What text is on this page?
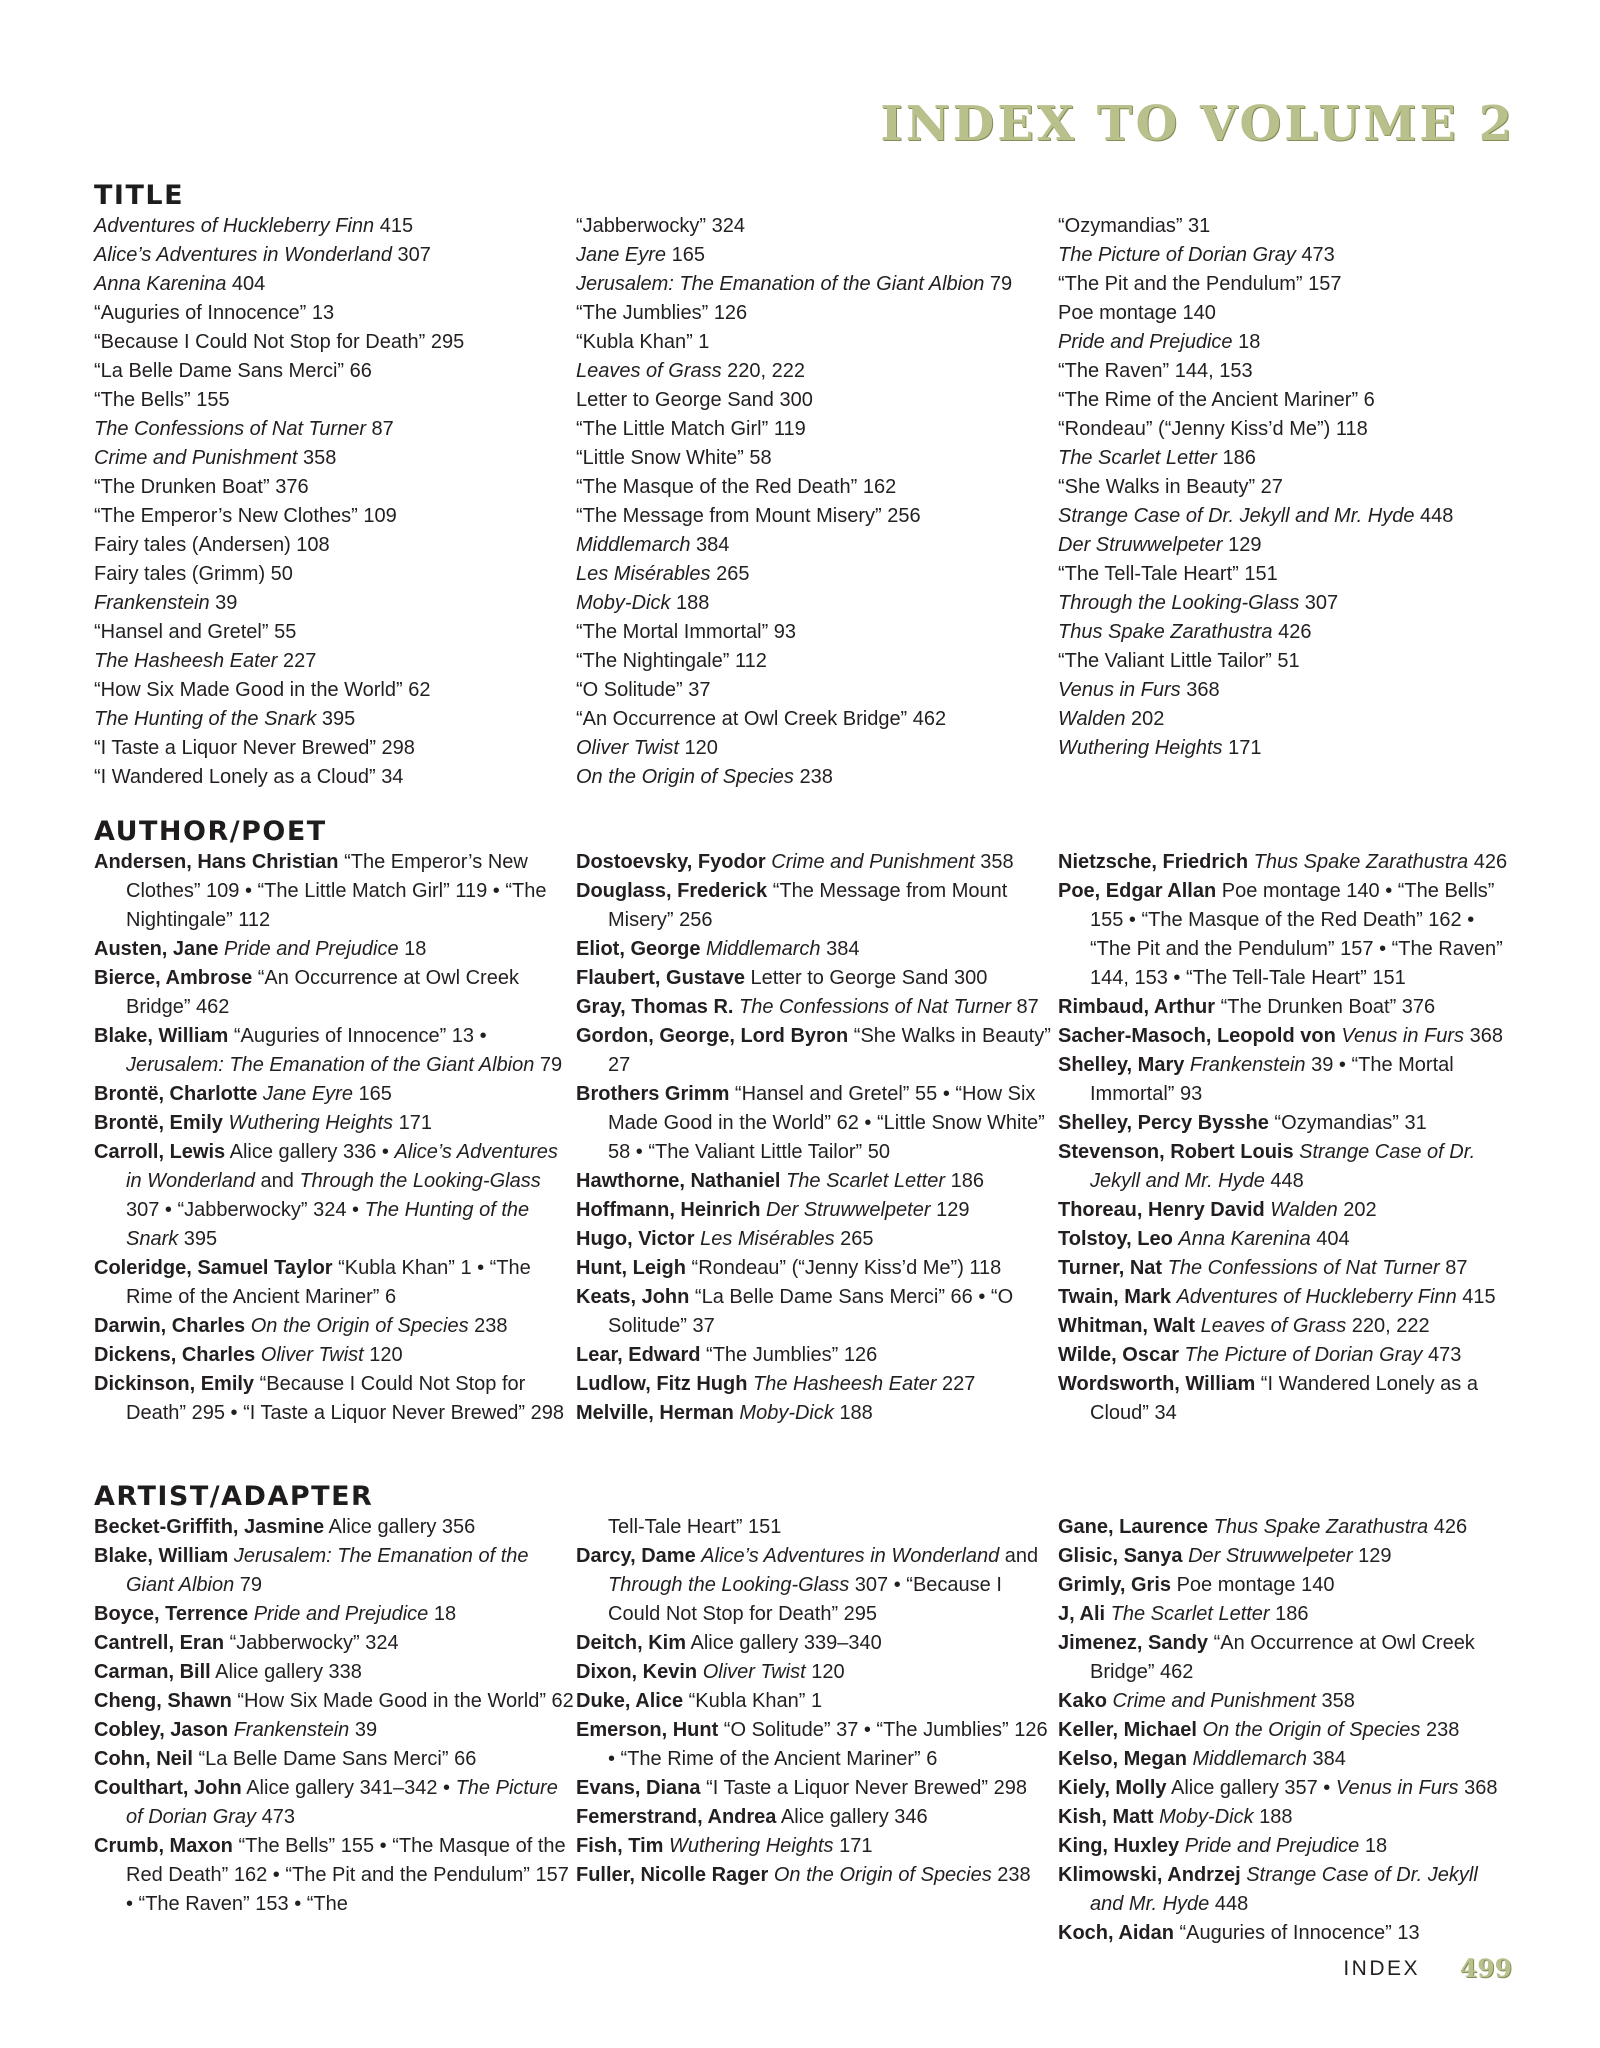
INDEX TO VOLUME 2
TITLE
Adventures of Huckleberry Finn 415
Alice’s Adventures in Wonderland 307
Anna Karenina 404
“Auguries of Innocence” 13
“Because I Could Not Stop for Death” 295
“La Belle Dame Sans Merci” 66
“The Bells” 155
The Confessions of Nat Turner 87
Crime and Punishment 358
“The Drunken Boat” 376
“The Emperor’s New Clothes” 109
Fairy tales (Andersen) 108
Fairy tales (Grimm) 50
Frankenstein 39
“Hansel and Gretel” 55
The Hasheesh Eater 227
“How Six Made Good in the World” 62
The Hunting of the Snark 395
“I Taste a Liquor Never Brewed” 298
“I Wandered Lonely as a Cloud” 34
“Jabberwocky” 324
Jane Eyre 165
Jerusalem: The Emanation of the Giant Albion 79
“The Jumblies” 126
“Kubla Khan” 1
Leaves of Grass 220, 222
Letter to George Sand 300
“The Little Match Girl” 119
“Little Snow White” 58
“The Masque of the Red Death” 162
“The Message from Mount Misery” 256
Middlemarch 384
Les Misérables 265
Moby-Dick 188
“The Mortal Immortal” 93
“The Nightingale” 112
“O Solitude” 37
“An Occurrence at Owl Creek Bridge” 462
Oliver Twist 120
On the Origin of Species 238
“Ozymandias” 31
The Picture of Dorian Gray 473
“The Pit and the Pendulum” 157
Poe montage 140
Pride and Prejudice 18
“The Raven” 144, 153
“The Rime of the Ancient Mariner” 6
“Rondeau” (“Jenny Kiss’d Me”) 118
The Scarlet Letter 186
“She Walks in Beauty” 27
Strange Case of Dr. Jekyll and Mr. Hyde 448
Der Struwwelpeter 129
“The Tell-Tale Heart” 151
Through the Looking-Glass 307
Thus Spake Zarathustra 426
“The Valiant Little Tailor” 51
Venus in Furs 368
Walden 202
Wuthering Heights 171
AUTHOR/POET
Andersen, Hans Christian “The Emperor’s New Clothes” 109 • “The Little Match Girl” 119 • “The Nightingale” 112
Austen, Jane Pride and Prejudice 18
Bierce, Ambrose “An Occurrence at Owl Creek Bridge” 462
Blake, William “Auguries of Innocence” 13 • Jerusalem: The Emanation of the Giant Albion 79
Brontë, Charlotte Jane Eyre 165
Brontë, Emily Wuthering Heights 171
Carroll, Lewis Alice gallery 336 • Alice’s Adventures in Wonderland and Through the Looking-Glass 307 • “Jabberwocky” 324 • The Hunting of the Snark 395
Coleridge, Samuel Taylor “Kubla Khan” 1 • “The Rime of the Ancient Mariner” 6
Darwin, Charles On the Origin of Species 238
Dickens, Charles Oliver Twist 120
Dickinson, Emily “Because I Could Not Stop for Death” 295 • “I Taste a Liquor Never Brewed” 298
Dostoevsky, Fyodor Crime and Punishment 358
Douglass, Frederick “The Message from Mount Misery” 256
Eliot, George Middlemarch 384
Flaubert, Gustave Letter to George Sand 300
Gray, Thomas R. The Confessions of Nat Turner 87
Gordon, George, Lord Byron “She Walks in Beauty” 27
Brothers Grimm “Hansel and Gretel” 55 • “How Six Made Good in the World” 62 • “Little Snow White” 58 • “The Valiant Little Tailor” 50
Hawthorne, Nathaniel The Scarlet Letter 186
Hoffmann, Heinrich Der Struwwelpeter 129
Hugo, Victor Les Misérables 265
Hunt, Leigh “Rondeau” (“Jenny Kiss’d Me”) 118
Keats, John “La Belle Dame Sans Merci” 66 • “O Solitude” 37
Lear, Edward “The Jumblies” 126
Ludlow, Fitz Hugh The Hasheesh Eater 227
Melville, Herman Moby-Dick 188
Nietzsche, Friedrich Thus Spake Zarathustra 426
Poe, Edgar Allan Poe montage 140 • “The Bells” 155 • “The Masque of the Red Death” 162 • “The Pit and the Pendulum” 157 • “The Raven” 144, 153 • “The Tell-Tale Heart” 151
Rimbaud, Arthur “The Drunken Boat” 376
Sacher-Masoch, Leopold von Venus in Furs 368
Shelley, Mary Frankenstein 39 • “The Mortal Immortal” 93
Shelley, Percy Bysshe “Ozymandias” 31
Stevenson, Robert Louis Strange Case of Dr. Jekyll and Mr. Hyde 448
Thoreau, Henry David Walden 202
Tolstoy, Leo Anna Karenina 404
Turner, Nat The Confessions of Nat Turner 87
Twain, Mark Adventures of Huckleberry Finn 415
Whitman, Walt Leaves of Grass 220, 222
Wilde, Oscar The Picture of Dorian Gray 473
Wordsworth, William “I Wandered Lonely as a Cloud” 34
ARTIST/ADAPTER
Becket-Griffith, Jasmine Alice gallery 356
Blake, William Jerusalem: The Emanation of the Giant Albion 79
Boyce, Terrence Pride and Prejudice 18
Cantrell, Eran “Jabberwocky” 324
Carman, Bill Alice gallery 338
Cheng, Shawn “How Six Made Good in the World” 62
Cobley, Jason Frankenstein 39
Cohn, Neil “La Belle Dame Sans Merci” 66
Coulthart, John Alice gallery 341–342 • The Picture of Dorian Gray 473
Crumb, Maxon “The Bells” 155 • “The Masque of the Red Death” 162 • “The Pit and the Pendulum” 157 • “The Raven” 153 • “The
Tell-Tale Heart” 151
Darcy, Dame Alice’s Adventures in Wonderland and Through the Looking-Glass 307 • “Because I Could Not Stop for Death” 295
Deitch, Kim Alice gallery 339–340
Dixon, Kevin Oliver Twist 120
Duke, Alice “Kubla Khan” 1
Emerson, Hunt “O Solitude” 37 • “The Jumblies” 126 • “The Rime of the Ancient Mariner” 6
Evans, Diana “I Taste a Liquor Never Brewed” 298
Femerstrand, Andrea Alice gallery 346
Fish, Tim Wuthering Heights 171
Fuller, Nicolle Rager On the Origin of Species 238
Gane, Laurence Thus Spake Zarathustra 426
Glisic, Sanya Der Struwwelpeter 129
Grimly, Gris Poe montage 140
J, Ali The Scarlet Letter 186
Jimenez, Sandy “An Occurrence at Owl Creek Bridge” 462
Kako Crime and Punishment 358
Keller, Michael On the Origin of Species 238
Kelso, Megan Middlemarch 384
Kiely, Molly Alice gallery 357 • Venus in Furs 368
Kish, Matt Moby-Dick 188
King, Huxley Pride and Prejudice 18
Klimowski, Andrzej Strange Case of Dr. Jekyll and Mr. Hyde 448
Koch, Aidan “Auguries of Innocence” 13
INDEX 499
